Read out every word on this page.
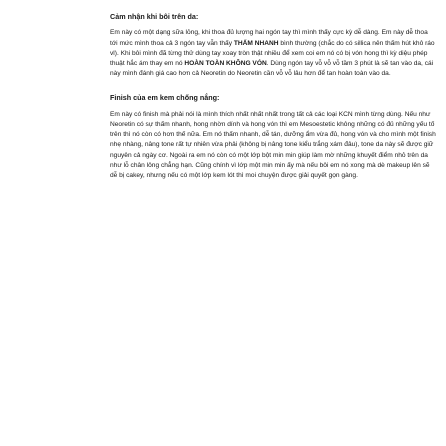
Cảm nhận khi bôi trên da:

Em này có một dạng sữa lỏng, khi thoa đủ lượng hai ngón tay thì mình thấy cực kỳ dễ dàng. Em này dễ thoa tới mức mình thoa cả 3 ngón tay vẫn thấy THẤM NHANH bình thường (chắc do có sillica nên thấm hút khô ráo vl). Khi bôi mình đã từng thử dùng tay xoay tròn thật nhiều để xem coi em nó có bị vón hong thì kỳ diệu phép thuật hắc ám thay em nó HOÀN TOÀN KHÔNG VÓN. Dùng ngón tay vỗ vỗ vỗ tầm 3 phút là sẽ tan vào da, cái này mình đánh giá cao hơn cả Neoretin do Neoretin cần vỗ vỗ lâu hơn để tan hoàn toàn vào da.

Finish của em kem chống nắng:

Em này có finish mà phải nói là mình thích nhất nhất nhất trong tất cả các loại KCN mình từng dùng. Nếu như Neoretin có sự thấm nhanh, hong nhờn dính và hong vón thì em Mesoestetic không những có đủ những yếu tố trên thì nó còn có hơn thế nữa. Em nó thấm nhanh, dễ tán, dưỡng ẩm vừa đủ, hong vón và cho mình một finish nhẹ nhàng, nâng tone rất tự nhiên vừa phải (không bị nâng tone kiểu trắng xám đâu), tone da này sẽ được giữ nguyên cả ngày cơ. Ngoài ra em nó còn có một lớp bột min min giúp làm mờ những khuyết điểm nhỏ trên da như lỗ chân lông chẳng hạn. Cũng chính vì lớp một min min ấy mà nếu bôi em nó xong mà dè makeup lên sẽ dễ bị cakey, nhưng nếu có một lớp kem lót thì moi chuyện được giải quyết gọn gàng.
